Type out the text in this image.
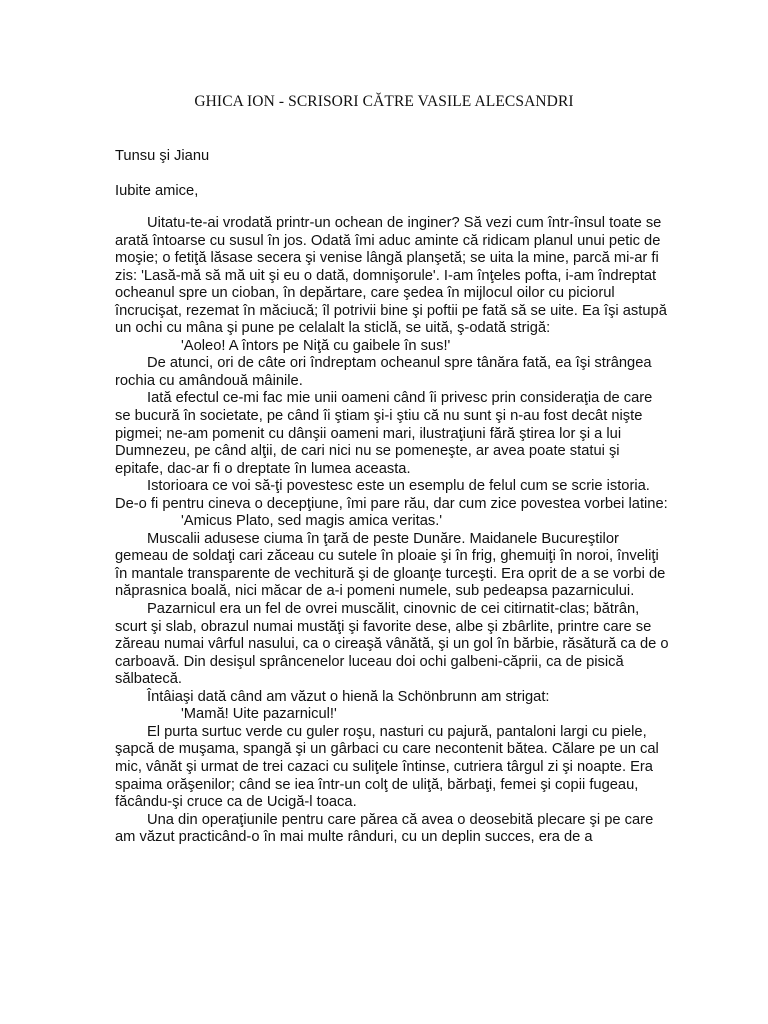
GHICA ION - SCRISORI CĂTRE VASILE ALECSANDRI

Tunsu şi Jianu

Iubite amice,

Uitatu-te-ai vrodată printr-un ochean de inginer? Să vezi cum într-însul toate se arată întoarse cu susul în jos. Odată îmi aduc aminte că ridicam planul unui petic de moşie; o fetiţă lăsase secera şi venise lângă planşetă; se uita la mine, parcă mi-ar fi zis: 'Lasă-mă să mă uit şi eu o dată, domnişorule'. I-am înţeles pofta, i-am îndreptat ocheanul spre un cioban, în depărtare, care şedea în mijlocul oilor cu piciorul încrucişat, rezemat în măciucă; îl potrivii bine şi poftii pe fată să se uite. Ea îşi astupă un ochi cu mâna şi pune pe celalalt la sticlă, se uită, ş-odată strigă:

'Aoleo! A întors pe Niţă cu gaibele în sus!'

De atunci, ori de câte ori îndreptam ocheanul spre tânăra fată, ea îşi strângea rochia cu amândouă mâinile.

Iată efectul ce-mi fac mie unii oameni când îi privesc prin consideraţia de care se bucură în societate, pe când îi ştiam şi-i ştiu că nu sunt şi n-au fost decât nişte pigmei; ne-am pomenit cu dânşii oameni mari, ilustraţiuni fără ştirea lor şi a lui Dumnezeu, pe când alţii, de cari nici nu se pomeneşte, ar avea poate statui şi epitafe, dac-ar fi o dreptate în lumea aceasta.

Istorioara ce voi să-ţi povestesc este un esemplu de felul cum se scrie istoria. De-o fi pentru cineva o decepţiune, îmi pare rău, dar cum zice povestea vorbei latine:

'Amicus Plato, sed magis amica veritas.'

Muscalii adusese ciuma în ţară de peste Dunăre. Maidanele Bucureştilor gemeau de soldaţi cari zăceau cu sutele în ploaie şi în frig, ghemuiţi în noroi, înveliţi în mantale transparente de vechitură şi de gloanţe turceşti. Era oprit de a se vorbi de năprasnica boală, nici măcar de a-i pomeni numele, sub pedeapsa pazarnicului.

Pazarnicul era un fel de ovrei muscălit, cinovnic de cei citirnatit-clas; bătrân, scurt şi slab, obrazul numai mustăţi şi favorite dese, albe şi zbârlite, printre care se zăreau numai vârful nasului, ca o cireaşă vânătă, şi un gol în bărbie, răsătură ca de o carboavă. Din desişul sprâncenelor luceau doi ochi galbeni-căprii, ca de pisică sălbatecă.

Întâiaşi dată când am văzut o hienă la Schönbrunn am strigat:

'Mamă! Uite pazarnicul!'

El purta surtuc verde cu guler roşu, nasturi cu pajură, pantaloni largi cu piele, şapcă de muşama, spangă şi un gârbaci cu care necontenit bătea. Călare pe un cal mic, vânăt şi urmat de trei cazaci cu suliţele întinse, cutriera târgul zi şi noapte. Era spaima orăşenilor; când se iea într-un colţ de uliţă, bărbaţi, femei şi copii fugeau, făcându-şi cruce ca de Ucigă-l toaca.

Una din operaţiunile pentru care părea că avea o deosebită plecare şi pe care am văzut practicând-o în mai multe rânduri, cu un deplin succes, era de a
